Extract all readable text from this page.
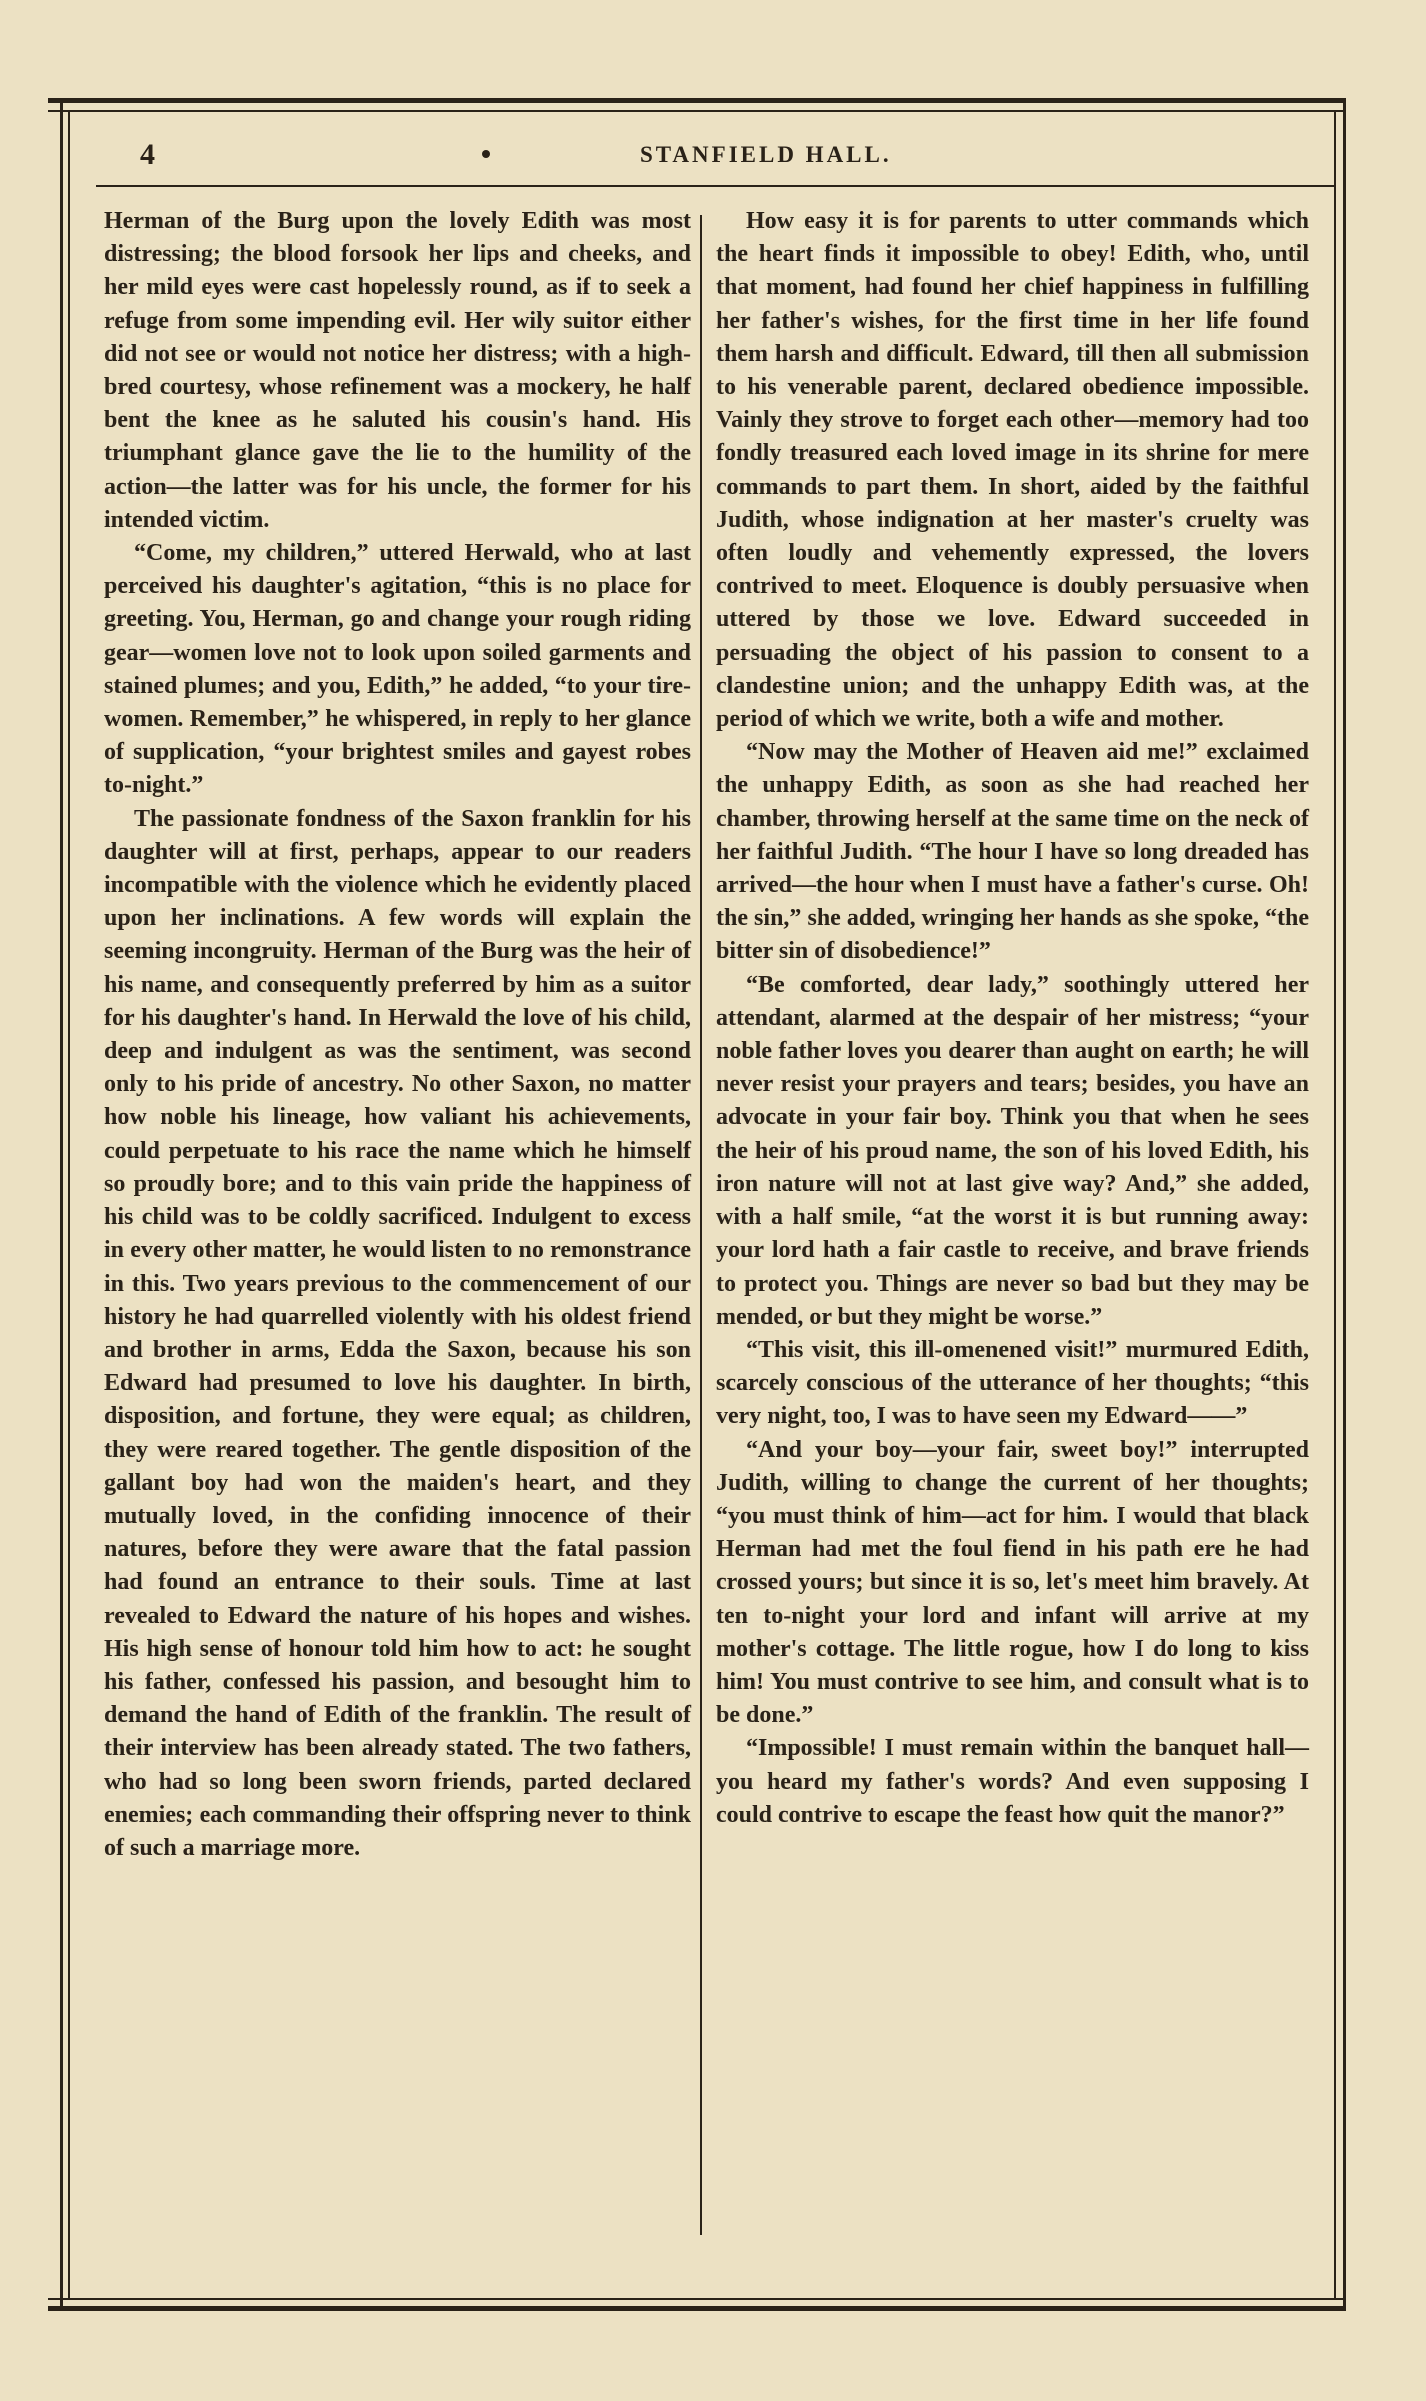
4	STANFIELD HALL.

Herman of the Burg upon the lovely Edith was most distressing; the blood forsook her lips and cheeks, and her mild eyes were cast hopelessly round, as if to seek a refuge from some impending evil. Her wily suitor either did not see or would not notice her distress; with a high-bred courtesy, whose refinement was a mockery, he half bent the knee as he saluted his cousin's hand. His triumphant glance gave the lie to the humility of the action—the latter was for his uncle, the former for his intended victim.

“Come, my children,” uttered Herwald, who at last perceived his daughter's agitation, “this is no place for greeting. You, Herman, go and change your rough riding gear—women love not to look upon soiled garments and stained plumes; and you, Edith,” he added, “to your tire-women. Remember,” he whispered, in reply to her glance of supplication, “your brightest smiles and gayest robes to-night.”

The passionate fondness of the Saxon franklin for his daughter will at first, perhaps, appear to our readers incompatible with the violence which he evidently placed upon her inclinations. A few words will explain the seeming incongruity. Herman of the Burg was the heir of his name, and consequently preferred by him as a suitor for his daughter's hand. In Herwald the love of his child, deep and indulgent as was the sentiment, was second only to his pride of ancestry. No other Saxon, no matter how noble his lineage, how valiant his achievements, could perpetuate to his race the name which he himself so proudly bore; and to this vain pride the happiness of his child was to be coldly sacrificed. Indulgent to excess in every other matter, he would listen to no remonstrance in this. Two years previous to the commencement of our history he had quarrelled violently with his oldest friend and brother in arms, Edda the Saxon, because his son Edward had presumed to love his daughter. In birth, disposition, and fortune, they were equal; as children, they were reared together. The gentle disposition of the gallant boy had won the maiden's heart, and they mutually loved, in the confiding innocence of their natures, before they were aware that the fatal passion had found an entrance to their souls. Time at last revealed to Edward the nature of his hopes and wishes. His high sense of honour told him how to act: he sought his father, confessed his passion, and besought him to demand the hand of Edith of the franklin. The result of their interview has been already stated. The two fathers, who had so long been sworn friends, parted declared enemies; each commanding their offspring never to think of such a marriage more.

How easy it is for parents to utter commands which the heart finds it impossible to obey! Edith, who, until that moment, had found her chief happiness in fulfilling her father's wishes, for the first time in her life found them harsh and difficult. Edward, till then all submission to his venerable parent, declared obedience impossible. Vainly they strove to forget each other—memory had too fondly treasured each loved image in its shrine for mere commands to part them. In short, aided by the faithful Judith, whose indignation at her master's cruelty was often loudly and vehemently expressed, the lovers contrived to meet. Eloquence is doubly persuasive when uttered by those we love. Edward succeeded in persuading the object of his passion to consent to a clandestine union; and the unhappy Edith was, at the period of which we write, both a wife and mother.

“Now may the Mother of Heaven aid me!” exclaimed the unhappy Edith, as soon as she had reached her chamber, throwing herself at the same time on the neck of her faithful Judith. “The hour I have so long dreaded has arrived—the hour when I must have a father's curse. Oh! the sin,” she added, wringing her hands as she spoke, “the bitter sin of disobedience!”

“Be comforted, dear lady,” soothingly uttered her attendant, alarmed at the despair of her mistress; “your noble father loves you dearer than aught on earth; he will never resist your prayers and tears; besides, you have an advocate in your fair boy. Think you that when he sees the heir of his proud name, the son of his loved Edith, his iron nature will not at last give way? And,” she added, with a half smile, “at the worst it is but running away: your lord hath a fair castle to receive, and brave friends to protect you. Things are never so bad but they may be mended, or but they might be worse.”

“This visit, this ill-omenened visit!” murmured Edith, scarcely conscious of the utterance of her thoughts; “this very night, too, I was to have seen my Edward——”

“And your boy—your fair, sweet boy!” interrupted Judith, willing to change the current of her thoughts; “you must think of him—act for him. I would that black Herman had met the foul fiend in his path ere he had crossed yours; but since it is so, let's meet him bravely. At ten to-night your lord and infant will arrive at my mother's cottage. The little rogue, how I do long to kiss him! You must contrive to see him, and consult what is to be done.”

“Impossible! I must remain within the banquet hall—you heard my father's words? And even supposing I could contrive to escape the feast how quit the manor?”
